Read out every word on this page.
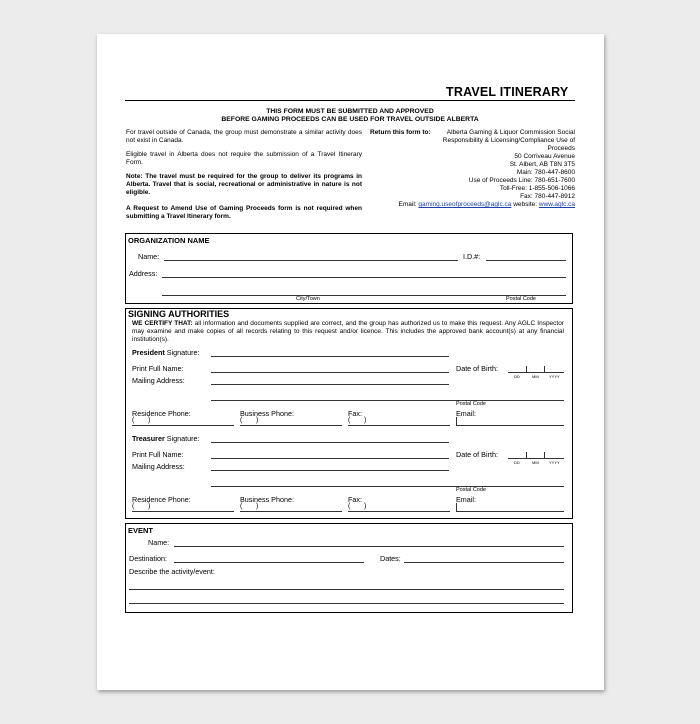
TRAVEL ITINERARY
THIS FORM MUST BE SUBMITTED AND APPROVED
BEFORE GAMING PROCEEDS CAN BE USED FOR TRAVEL OUTSIDE ALBERTA
For travel outside of Canada, the group must demonstrate a similar activity does not exist in Canada.
Eligible travel in Alberta does not require the submission of a Travel Itinerary Form.
Note: The travel must be required for the group to deliver its programs in Alberta. Travel that is social, recreational or administrative in nature is not eligible.
A Request to Amend Use of Gaming Proceeds form is not required when submitting a Travel Itinerary form.
Return this form to:	Alberta Gaming & Liquor Commission Social Responsibility & Licensing/Compliance Use of Proceeds
50 Corriveau Avenue
St. Albert, AB T8N 3T5
Main: 780-447-8600
Use of Proceeds Line: 780-651-7600
Toll-Free: 1-855-506-1066
Fax: 780-447-8912
Email: gaming.useofproceeds@aglc.ca website: www.aglc.ca
ORGANIZATION NAME
Name:	I.D.#:
Address:
City/Town	Postal Code
SIGNING AUTHORITIES
WE CERTIFY THAT: all information and documents supplied are correct, and the group has authorized us to make this request. Any AGLC Inspector may examine and make copies of all records relating to this request and/or licence. This includes the approved bank account(s) at any financial institution(s).
President Signature:
Print Full Name:	Date of Birth:
DD	MM	YYYY
Mailing Address:
Postal Code
Residence Phone:	Business Phone:	Fax:	Email:
(       )	(       )	(       )
Treasurer Signature:
Print Full Name:	Date of Birth:
DD	MM	YYYY
Mailing Address:
Postal Code
Residence Phone:	Business Phone:	Fax:	Email:
(       )	(       )	(       )
EVENT
Name:
Destination:	Dates:
Describe the activity/event:
